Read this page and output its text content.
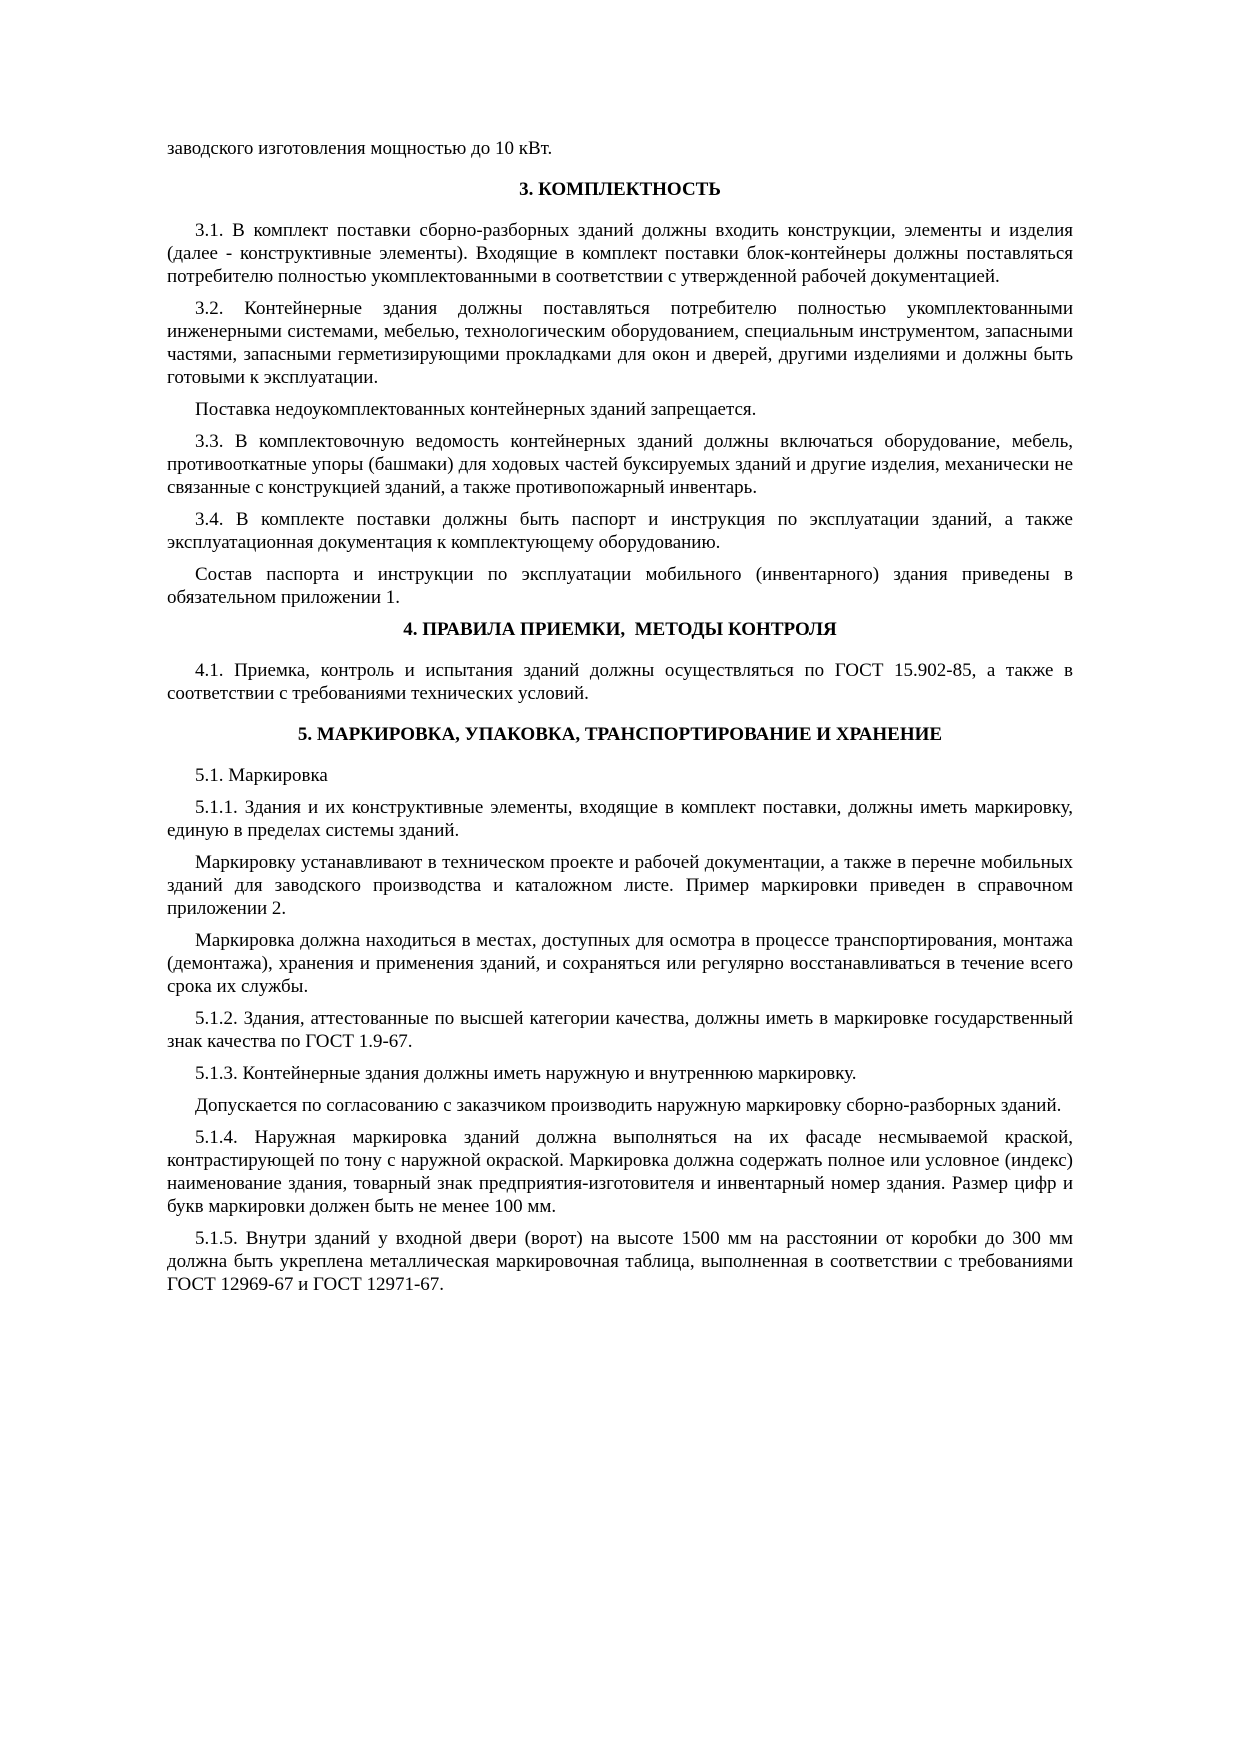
заводского изготовления мощностью до 10 кВт.

3. КОМПЛЕКТНОСТЬ

3.1. В комплект поставки сборно-разборных зданий должны входить конструкции, элементы и изделия (далее - конструктивные элементы). Входящие в комплект поставки блок-контейнеры должны поставляться потребителю полностью укомплектованными в соответствии с утвержденной рабочей документацией.

3.2. Контейнерные здания должны поставляться потребителю полностью укомплектованными инженерными системами, мебелью, технологическим оборудованием, специальным инструментом, запасными частями, запасными герметизирующими прокладками для окон и дверей, другими изделиями и должны быть готовыми к эксплуатации.

Поставка недоукомплектованных контейнерных зданий запрещается.

3.3. В комплектовочную ведомость контейнерных зданий должны включаться оборудование, мебель, противооткатные упоры (башмаки) для ходовых частей буксируемых зданий и другие изделия, механически не связанные с конструкцией зданий, а также противопожарный инвентарь.

3.4. В комплекте поставки должны быть паспорт и инструкция по эксплуатации зданий, а также эксплуатационная документация к комплектующему оборудованию.

Состав паспорта и инструкции по эксплуатации мобильного (инвентарного) здания приведены в обязательном приложении 1.

4. ПРАВИЛА ПРИЕМКИ,  МЕТОДЫ КОНТРОЛЯ

4.1. Приемка, контроль и испытания зданий должны осуществляться по ГОСТ 15.902-85, а также в соответствии с требованиями технических условий.

5. МАРКИРОВКА, УПАКОВКА, ТРАНСПОРТИРОВАНИЕ И ХРАНЕНИЕ

5.1. Маркировка

5.1.1. Здания и их конструктивные элементы, входящие в комплект поставки, должны иметь маркировку, единую в пределах системы зданий.

Маркировку устанавливают в техническом проекте и рабочей документации, а также в перечне мобильных зданий для заводского производства и каталожном листе. Пример маркировки приведен в справочном приложении 2.

Маркировка должна находиться в местах, доступных для осмотра в процессе транспортирования, монтажа (демонтажа), хранения и применения зданий, и сохраняться или регулярно восстанавливаться в течение всего срока их службы.

5.1.2. Здания, аттестованные по высшей категории качества, должны иметь в маркировке государственный знак качества по ГОСТ 1.9-67.

5.1.3. Контейнерные здания должны иметь наружную и внутреннюю маркировку.

Допускается по согласованию с заказчиком производить наружную маркировку сборно-разборных зданий.

5.1.4. Наружная маркировка зданий должна выполняться на их фасаде несмываемой краской, контрастирующей по тону с наружной окраской. Маркировка должна содержать полное или условное (индекс) наименование здания, товарный знак предприятия-изготовителя и инвентарный номер здания. Размер цифр и букв маркировки должен быть не менее 100 мм.

5.1.5. Внутри зданий у входной двери (ворот) на высоте 1500 мм на расстоянии от коробки до 300 мм должна быть укреплена металлическая маркировочная таблица, выполненная в соответствии с требованиями ГОСТ 12969-67 и ГОСТ 12971-67.
